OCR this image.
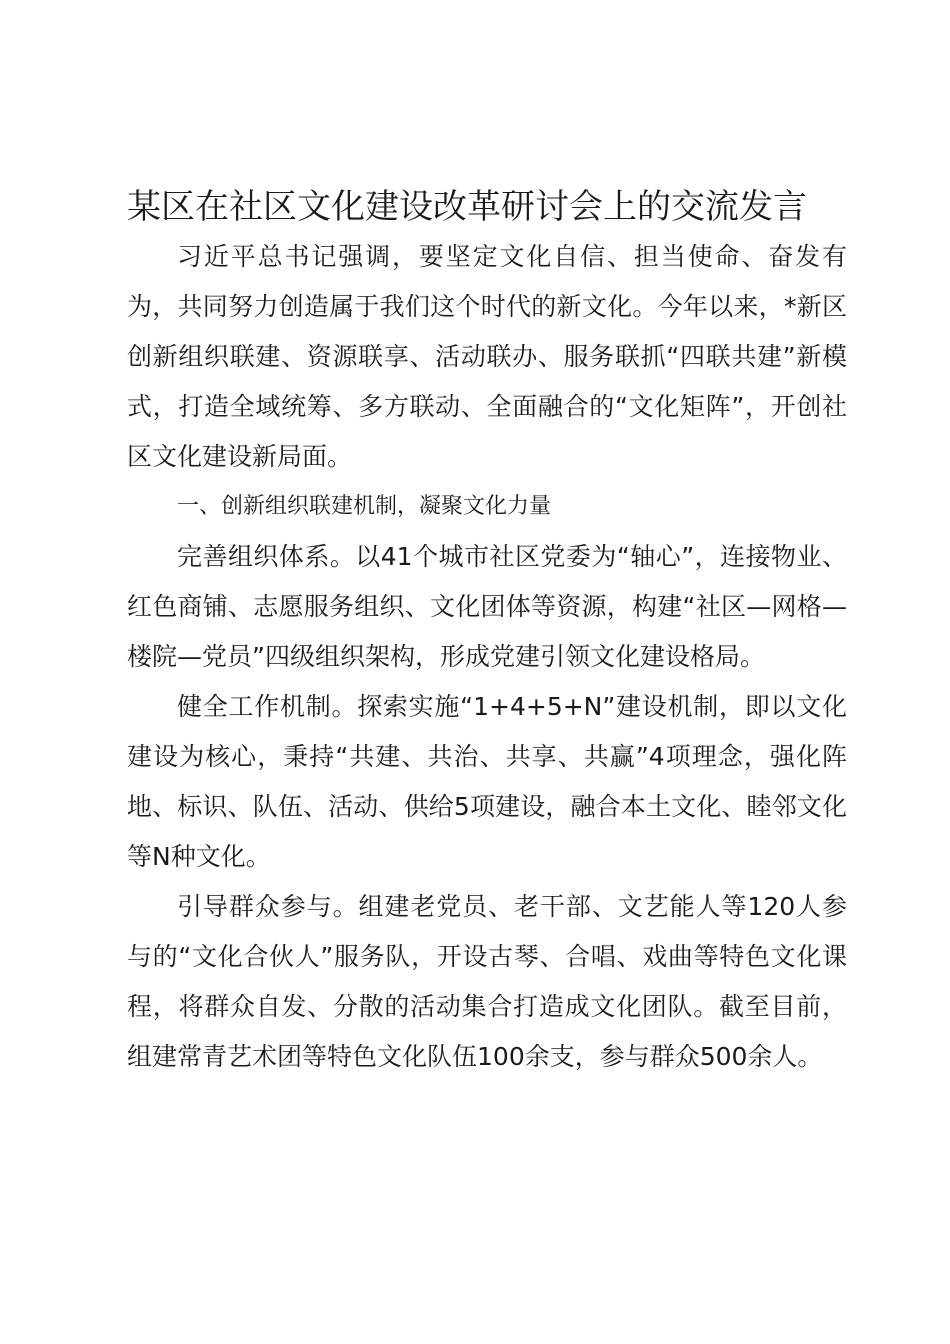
某区在社区文化建设改革研讨会上的交流发言

习近平总书记强调，要坚定文化自信、担当使命、奋发有为，共同努力创造属于我们这个时代的新文化。今年以来，*新区创新组织联建、资源联享、活动联办、服务联抓“四联共建”新模式，打造全域统筹、多方联动、全面融合的“文化矩阵”，开创社区文化建设新局面。

一、创新组织联建机制，凝聚文化力量

完善组织体系。以41个城市社区党委为“轴心”，连接物业、红色商铺、志愿服务组织、文化团体等资源，构建“社区—网格—楼院—党员”四级组织架构，形成党建引领文化建设格局。

健全工作机制。探索实施“1+4+5+N”建设机制，即以文化建设为核心，秉持“共建、共治、共享、共赢”4项理念，强化阵地、标识、队伍、活动、供给5项建设，融合本土文化、睦邻文化等N种文化。

引导群众参与。组建老党员、老干部、文艺能人等120人参与的“文化合伙人”服务队，开设古琴、合唱、戏曲等特色文化课程，将群众自发、分散的活动集合打造成文化团队。截至目前，组建常青艺术团等特色文化队伍100余支，参与群众500余人。
